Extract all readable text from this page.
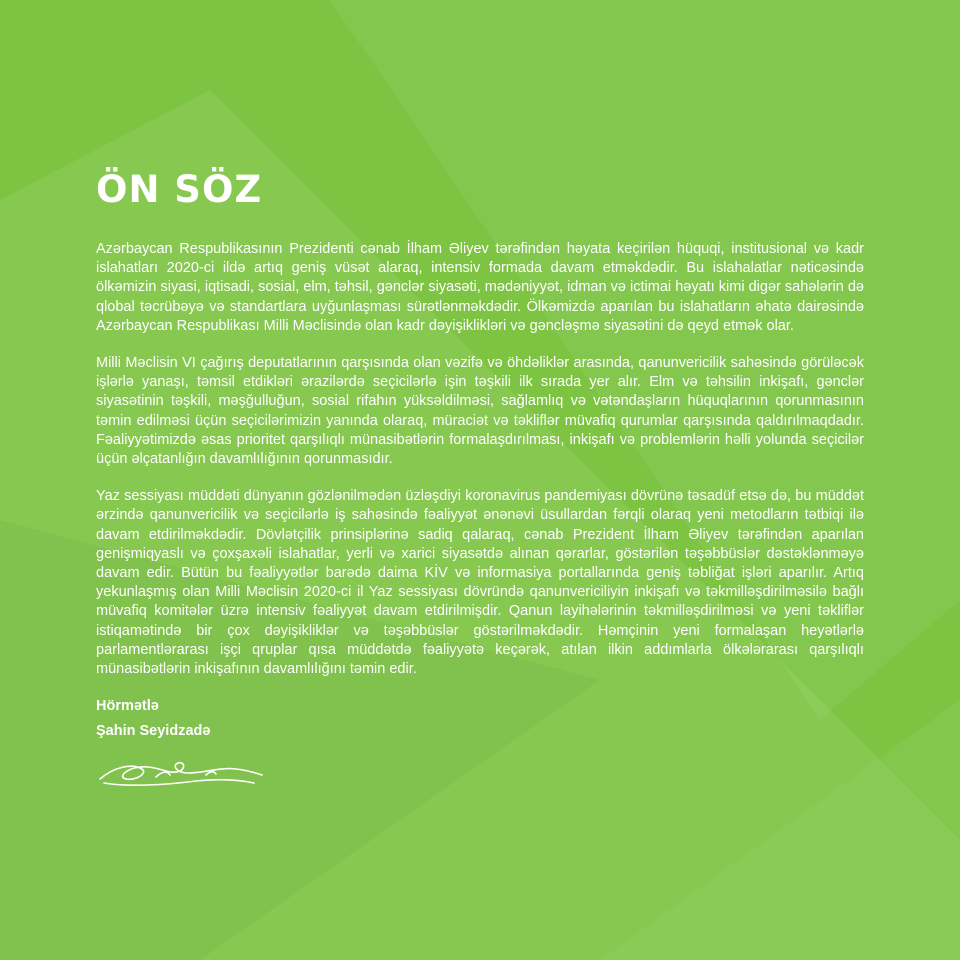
ÖN SÖZ

Azərbaycan Respublikasının Prezidenti cənab İlham Əliyev tərəfindən həyata keçirilən hüquqi, institusional və kadr islahatları 2020-ci ildə artıq geniş vüsət alaraq, intensiv formada davam etməkdədir. Bu islahalatlar nəticəsində ölkəmizin siyasi, iqtisadi, sosial, elm, təhsil, gənclər siyasəti, mədəniyyət, idman və ictimai həyatı kimi digər sahələrin də qlobal təcrübəyə və standartlara uyğunlaşması sürətlənməkdədir. Ölkəmizdə aparılan bu islahatların əhatə dairəsində Azərbaycan Respublikası Milli Məclisində olan kadr dəyişiklikləri və gəncləşmə siyasətini də qeyd etmək olar.

Milli Məclisin VI çağırış deputatlarının qarşısında olan vəzifə və öhdəliklər arasında, qanunvericilik sahəsində görüləcək işlərlə yanaşı, təmsil etdikləri ərazilərdə seçicilərlə işin təşkili ilk sırada yer alır. Elm və təhsilin inkişafı, gənclər siyasətinin təşkili, məşğulluğun, sosial rifahın yüksəldilməsi, sağlamlıq və vətəndaşların hüquqlarının qorunmasının təmin edilməsi üçün seçicilərimizin yanında olaraq, müraciət və təkliflər müvafiq qurumlar qarşısında qaldırılmaqdadır. Fəaliyyətimizdə əsas prioritet qarşılıqlı münasibətlərin formalaşdırılması, inkişafı və problemlərin həlli yolunda seçicilər üçün əlçatanlığın davamlılığının qorunmasıdır.

Yaz sessiyası müddəti dünyanın gözlənilmədən üzləşdiyi koronavirus pandemiyası dövrünə təsadüf etsə də, bu müddət ərzində qanunvericilik və seçicilərlə iş sahəsində fəaliyyət ənənəvi üsullardan fərqli olaraq yeni metodların tətbiqi ilə davam etdirilməkdədir. Dövlətçilik prinsiplərinə sadiq qalaraq, cənab Prezident İlham Əliyev tərəfindən aparılan genişmiqyaslı və çoxşaxəli islahatlar, yerli və xarici siyasətdə alınan qərarlar, göstərilən təşəbbüslər dəstəklənməyə davam edir. Bütün bu fəaliyyətlər barədə daima KİV və informasiya portallarında geniş təbliğat işləri aparılır. Artıq yekunlaşmış olan Milli Məclisin 2020-ci il Yaz sessiyası dövründə qanunvericiliyin inkişafı və təkmilləşdirilməsilə bağlı müvafiq komitələr üzrə intensiv fəaliyyət davam etdirilmişdir. Qanun layihələrinin təkmilləşdirilməsi və yeni təkliflər istiqamətində bir çox dəyişikliklər və təşəbbüslər göstərilməkdədir. Həmçinin yeni formalaşan heyətlərlə parlamentlərarası işçi qruplar qısa müddətdə fəaliyyətə keçərək, atılan ilkin addımlarla ölkələrarası qarşılıqlı münasibətlərin inkişafının davamlılığını təmin edir.

Hörmətlə
Şahin Seyidzadə
